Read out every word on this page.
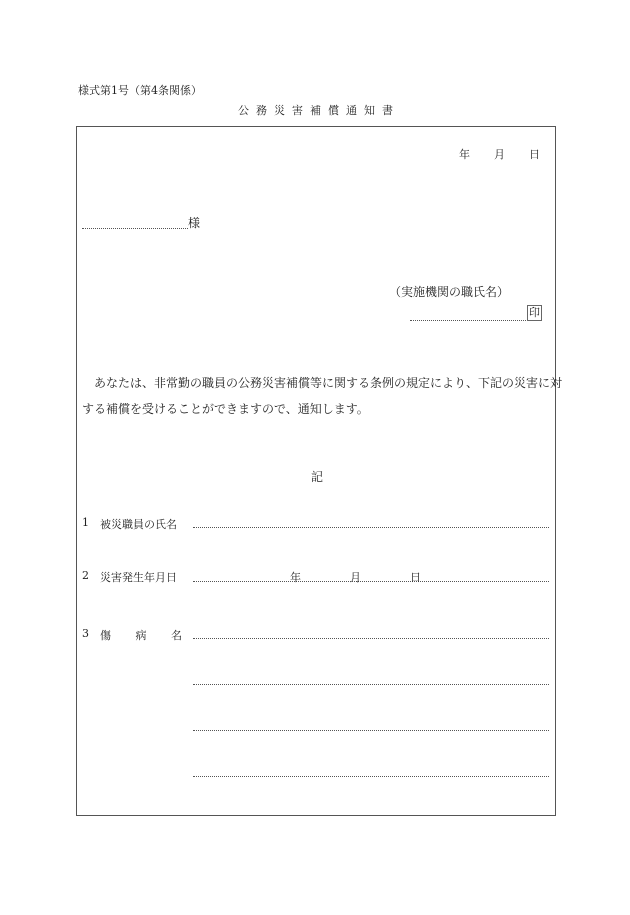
様式第1号（第4条関係）
公務災害補償通知書
年 月 日
様
（実施機関の職氏名）
印
あなたは、非常勤の職員の公務災害補償等に関する条例の規定により、下記の災害に対
する補償を受けることができますので、通知します。
記
1 被災職員の氏名
2 災害発生年月日	年	月	日
3 傷 病 名
